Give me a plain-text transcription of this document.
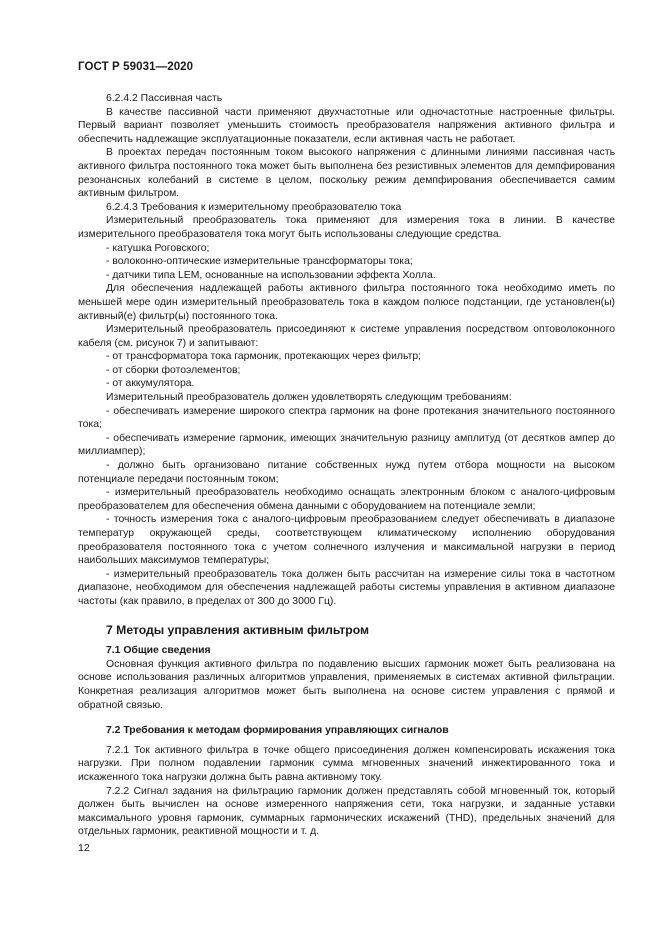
ГОСТ Р 59031—2020

6.2.4.2 Пассивная часть

В качестве пассивной части применяют двухчастотные или одночастотные настроенные фильтры. Первый вариант позволяет уменьшить стоимость преобразователя напряжения активного фильтра и обеспечить надлежащие эксплуатационные показатели, если активная часть не работает.

В проектах передач постоянным током высокого напряжения с длинными линиями пассивная часть активного фильтра постоянного тока может быть выполнена без резистивных элементов для демпфирования резонансных колебаний в системе в целом, поскольку режим демпфирования обеспечивается самим активным фильтром.

6.2.4.3 Требования к измерительному преобразователю тока

Измерительный преобразователь тока применяют для измерения тока в линии. В качестве измерительного преобразователя тока могут быть использованы следующие средства.

- катушка Роговского;

- волоконно-оптические измерительные трансформаторы тока;

- датчики типа LEM, основанные на использовании эффекта Холла.

Для обеспечения надлежащей работы активного фильтра постоянного тока необходимо иметь по меньшей мере один измерительный преобразователь тока в каждом полюсе подстанции, где установлен(ы) активный(е) фильтр(ы) постоянного тока.

Измерительный преобразователь присоединяют к системе управления посредством оптоволоконного кабеля (см. рисунок 7) и запитывают:

- от трансформатора тока гармоник, протекающих через фильтр;

- от сборки фотоэлементов;

- от аккумулятора.

Измерительный преобразователь должен удовлетворять следующим требованиям:

- обеспечивать измерение широкого спектра гармоник на фоне протекания значительного постоянного тока;

- обеспечивать измерение гармоник, имеющих значительную разницу амплитуд (от десятков ампер до миллиампер);

- должно быть организовано питание собственных нужд путем отбора мощности на высоком потенциале передачи постоянным током;

- измерительный преобразователь необходимо оснащать электронным блоком с аналого-цифровым преобразователем для обеспечения обмена данными с оборудованием на потенциале земли;

- точность измерения тока с аналого-цифровым преобразованием следует обеспечивать в диапазоне температур окружающей среды, соответствующем климатическому исполнению оборудования преобразователя постоянного тока с учетом солнечного излучения и максимальной нагрузки в период наибольших максимумов температуры;

- измерительный преобразователь тока должен быть рассчитан на измерение силы тока в частотном диапазоне, необходимом для обеспечения надлежащей работы системы управления в активном диапазоне частоты (как правило, в пределах от 300 до 3000 Гц).

7 Методы управления активным фильтром

7.1 Общие сведения

Основная функция активного фильтра по подавлению высших гармоник может быть реализована на основе использования различных алгоритмов управления, применяемых в системах активной фильтрации. Конкретная реализация алгоритмов может быть выполнена на основе систем управления с прямой и обратной связью.

7.2 Требования к методам формирования управляющих сигналов

7.2.1 Ток активного фильтра в точке общего присоединения должен компенсировать искажения тока нагрузки. При полном подавлении гармоник сумма мгновенных значений инжектированного тока и искаженного тока нагрузки должна быть равна активному току.

7.2.2 Сигнал задания на фильтрацию гармоник должен представлять собой мгновенный ток, который должен быть вычислен на основе измеренного напряжения сети, тока нагрузки, и заданные уставки максимального уровня гармоник, суммарных гармонических искажений (THD), предельных значений для отдельных гармоник, реактивной мощности и т. д.

12
